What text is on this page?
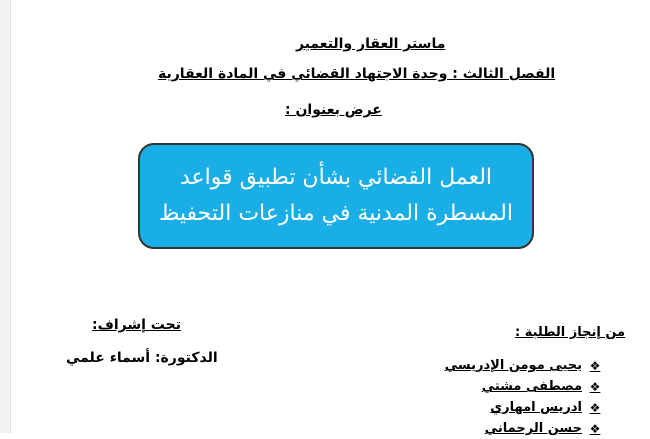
ماستر العقار والتعمير
الفصل الثالث : وحدة الاجتهاد القضائي في المادة العقارية
عرض بعنوان :
العمل القضائي بشأن تطبيق قواعد
المسطرة المدنية في منازعات التحفيظ
تحت إشراف:
الدكتورة: أسماء علمي
من إنجاز الطلبة :
❖
يحيى مومن الإدريسي
❖
مصطفى مشتي
❖
ادريس امهاري
❖
حسن الرحماني
